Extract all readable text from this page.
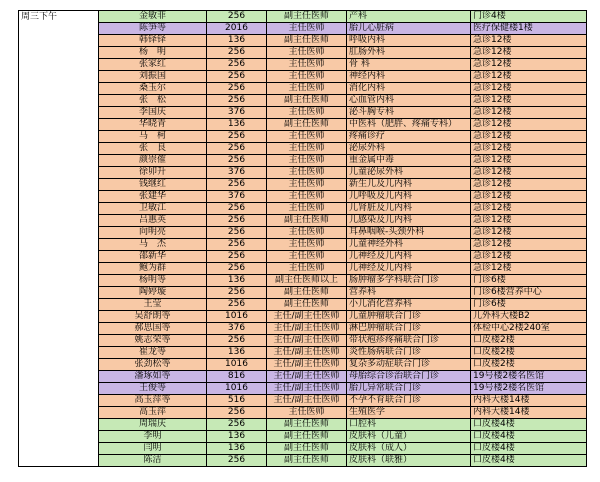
周三下午	金敏菲	256	副主任医师	产科	门诊4楼
	陈笋等	2016	主任医师	胎儿心脏病	医疗保健楼1楼
	韩铎铎	136	副主任医师	呼吸内科	急诊12楼
	杨　明	256	主任医师	肛肠外科	急诊12楼
	张家红	256	主任医师	骨 科	急诊12楼
	刘振国	256	主任医师	神经内科	急诊12楼
	桑玉尔	256	主任医师	消化内科	急诊12楼
	张　松	256	副主任医师	心血管内科	急诊12楼
	李国庆	376	主任医师	泌斗胸专科	急诊12楼
	华晓青	136	副主任医师	中医科（肥胖、疼痛专科）	急诊12楼
	马　柯	256	主任医师	疼痛诊疗	急诊12楼
	张　良	256	主任医师	泌尿外科	急诊12楼
	颜崇傕	256	主任医师	重金属中毒	急诊12楼
	徐卯升	376	主任医师	儿童泌尿外科	急诊12楼
	钱继红	256	主任医师	新生儿及儿内科	急诊12楼
	张建华	376	主任医师	儿呼吸及儿内科	急诊12楼
	卫敏江	256	主任医师	儿肾脏及儿内科	急诊12楼
	吕惠英	256	副主任医师	儿感染及儿内科	急诊12楼
	向明亮	256	主任医师	耳鼻咽喉-头颈外科	急诊12楼
	马　杰	256	主任医师	儿童神经外科	急诊12楼
	邵新华	256	主任医师	儿神经及儿内科	急诊12楼
	鲍为群	256	主任医师	儿神经及儿内科	急诊12楼
	杨明等	136	副主任医师以上	肠肿瘤多学科联合门诊	门诊6楼
	陶婷璇	256	副主任医师	营养科	门诊6楼营养中心
	王莹	256	副主任医师	小儿消化营养科	门诊6楼
	吴舒朗等	1016	主任/副主任医师	儿童肿瘤联合门诊	儿外科大楼B2
	郝思国等	376	主任/副主任医师	淋巴肿瘤联合门诊	体检中心2楼240室
	姚志荣等	256	主任/副主任医师	带状疱疹疼痛联合门诊	口皮楼2楼
	崔龙等	136	主任/副主任医师	炎性肠病联合门诊	口皮楼2楼
	张劲松等	1016	主任/副主任医师	复杂多动症联合门诊	口皮楼2楼
	潘琢如等	816	主任/副主任医师	母胎综合诊治联合门诊	19号楼2楼名医馆
	王俊等	1016	主任/副主任医师	胎儿异常联合门诊	19号楼2楼名医馆
	高玉萍等	516	主任/副主任医师	不孕不育联合门诊	内科大楼14楼
	高玉萍	256	主任医师	生殖医学	内科大楼14楼
	周瑞庆	256	副主任医师	口腔科	口皮楼4楼
	李明	136	副主任医师	皮肤科（儿童）	口皮楼4楼
	闫明	136	副主任医师	皮肤科（成人）	口皮楼4楼
	陈洁	256	副主任医师	皮肤科（联雅）	口皮楼4楼
